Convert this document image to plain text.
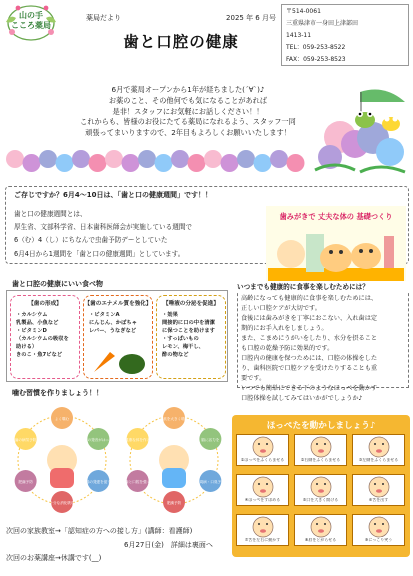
山の手
こころ薬局
薬局だより	2025 年 6 月号
歯と口腔の健康
〒514-0061
三重県津市一身田上津部田
1413-11
TEL：059-253-8522
FAX：059-253-8523
6月で薬局オープンから1年が経ちました(´∀`)♪
お薬のこと、その他何でも気になることがあれば
是非！スタッフにお気軽にお話しください！！
これからも、皆様のお役にたてる薬局になれるよう、スタッフ一同
頑張ってまいりますので、2年目もよろしくお願いいたします！
ご存じですか？6月4～10日は、「歯と口の健康週間」です！！
歯と口の健康週間とは、
厚生省、文部科学省、日本歯科医師会が実施している週間で
6（む）4（し）にちなんで虫歯予防デーとしていた
6月4日から1週間を「歯と口の健康週間」としています。
歯みがきで 丈夫な体の 基礎つくり
歯と口腔の健康にいい食べ物
【歯の形成】
・カルシウム
乳製品、小魚など
・ビタミンD
（カルシウムの吸収を
助ける）
きのこ・魚7ピなど
【歯のエナメル質を強化】
・ビタミンA
にんじん、かぼちゃ
レバー、うなぎなど
【唾液の分泌を促進】
・効果
間接的に口の中を清潔
に保つことを助けます
・すっぱいもの
レモン、梅干し、
酢の物など
噛む習慣を作りましょう！！
よく噛む
言葉の発音がはっきり
脳の発達を促す
十分な消化吸収
肥満予防
歯の病気予防
食欲を大きく増す
脳に活力を
歯周病・口臭予防
肥満予防
歯と口腔を強く
健康な体を作る
いつまでも健康的に食事を楽しむためには？
高齢になっても健康的に食事を楽しむためには、
正しい口腔ケアが大切です。
食後には歯みがきを丁寧におこない、入れ歯は定
期的にお手入れをしましょう。
また、こまめにうがいをしたり、水分を摂ること
も口腔の乾燥予防に効果的です。
口腔内の健康を保つためには、口腔の体操をした
り、歯科医院で口腔ケアを受けたりすることも重
要です。
いつでも簡単にできる下のようなほっぺを動かす
口腔体操を試してみてはいかがでしょうか♪
ほっぺたを動かしましょう♪
①ほっぺをふくらませる	②右側をふくらませる	③左側をふくらませる
④ほっぺをすぼめる	⑤口を大きく開ける	⑥舌を出す
⑦舌を左右に動かす	⑧唇をとがらせる	⑨にっこり笑う
次回の家族教室→「認知症の方への接し方」(講師：看護師)
6月27日(金)　詳細は裏面へ
次回のお薬講座→休講です(__)
